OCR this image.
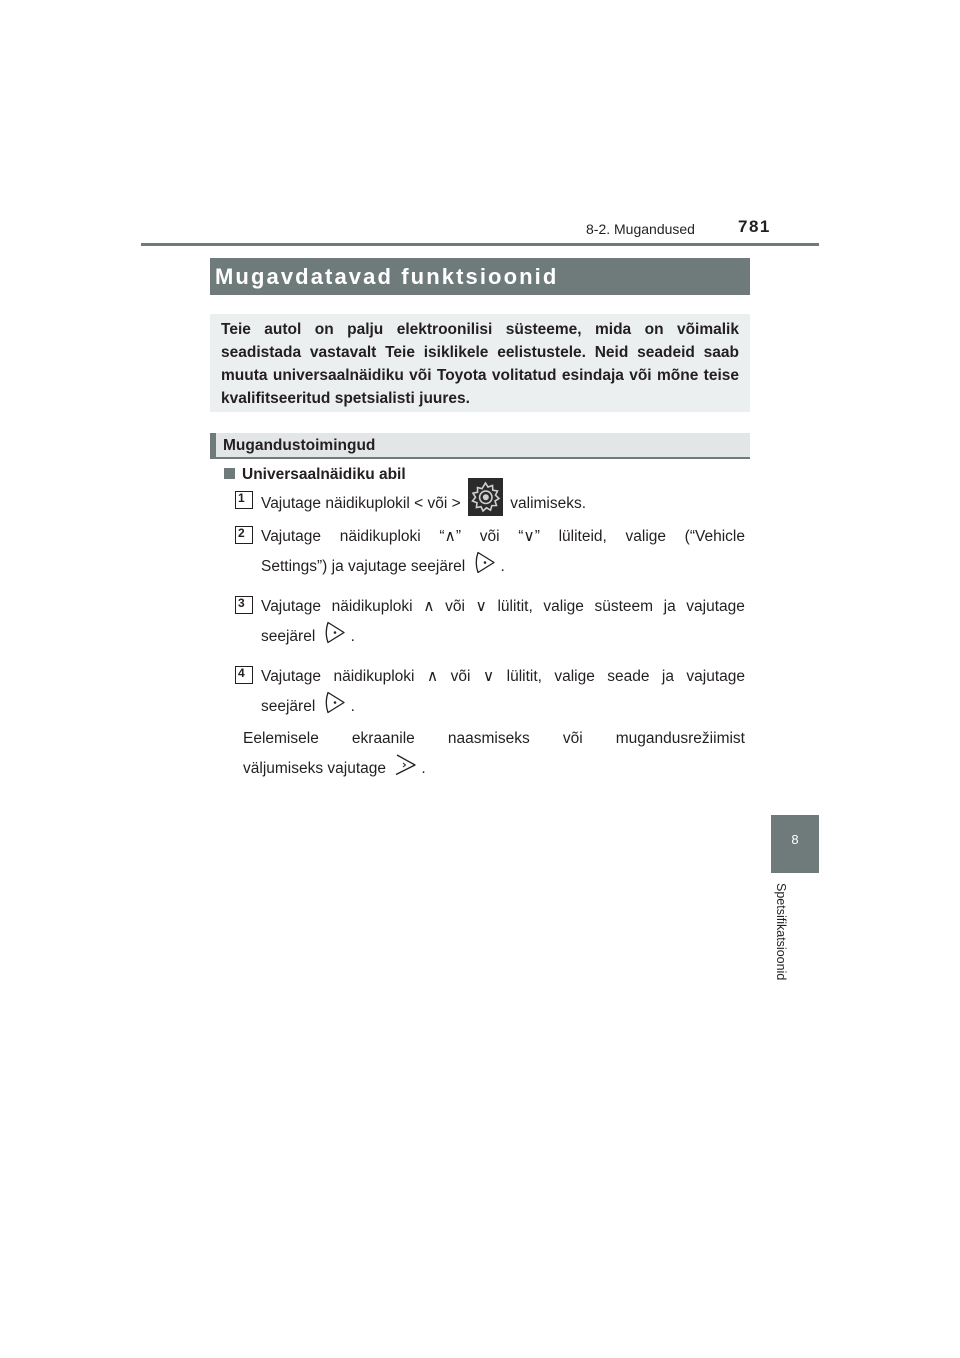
8-2. Mugandused	781
Mugavdatavad funktsioonid

Teie autol on palju elektroonilisi süsteeme, mida on võimalik seadistada vastavalt Teie isiklikele eelistustele. Neid seadeid saab muuta universaalnäidiku või Toyota volitatud esindaja või mõne teise kvalifitseeritud spetsialisti juures.

Mugandustoimingud
Universaalnäidiku abil
1	Vajutage näidikuplokil < või >	valimiseks.
2	Vajutage näidikuploki “∧” või “∨” lüliteid, valige (“Vehicle
Settings”) ja vajutage seejärel .
3	Vajutage näidikuploki ∧ või ∨ lülitit, valige süsteem ja vajutage
seejärel .
4	Vajutage näidikuploki ∧ või ∨ lülitit, valige seade ja vajutage
seejärel .
Eelemisele ekraanile naasmiseks või mugandusrežiimist
väljumiseks vajutage .
8
Spetsifikatsioonid
